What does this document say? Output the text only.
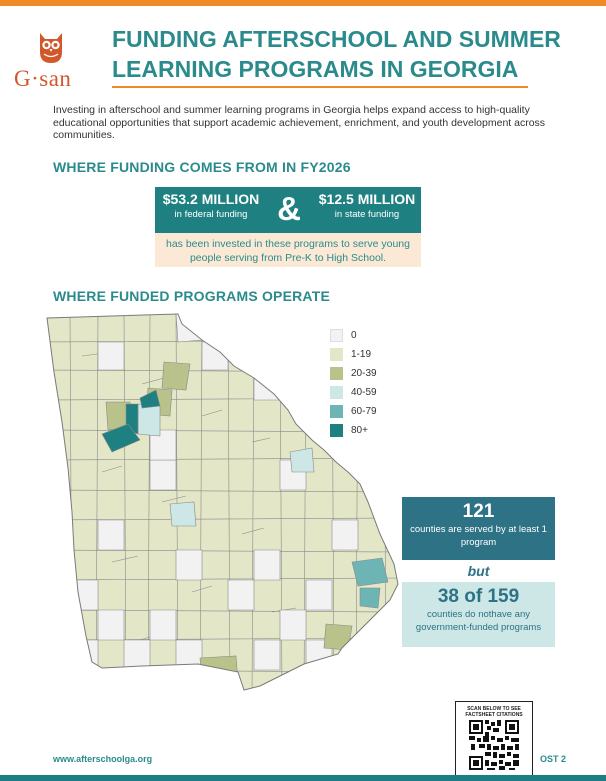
G·san
FUNDING AFTERSCHOOL AND SUMMER LEARNING PROGRAMS IN GEORGIA

Investing in afterschool and summer learning programs in Georgia helps expand access to high-quality educational opportunities that support academic achievement, enrichment, and youth development across communities.

WHERE FUNDING COMES FROM IN FY2026
$53.2 MILLION
in federal funding &	$12.5 MILLION
in state funding
has been invested in these programs to serve young people serving from Pre-K to High School.
WHERE FUNDED PROGRAMS OPERATE
0
1-19
20-39
40-59
60-79
80+
121
counties are served by at least 1 program
but
38 of 159
counties do nothave any government-funded programs
SCAN BELOW TO SEE FACTSHEET CITATIONS
www.afterschoolga.org	OST 2
